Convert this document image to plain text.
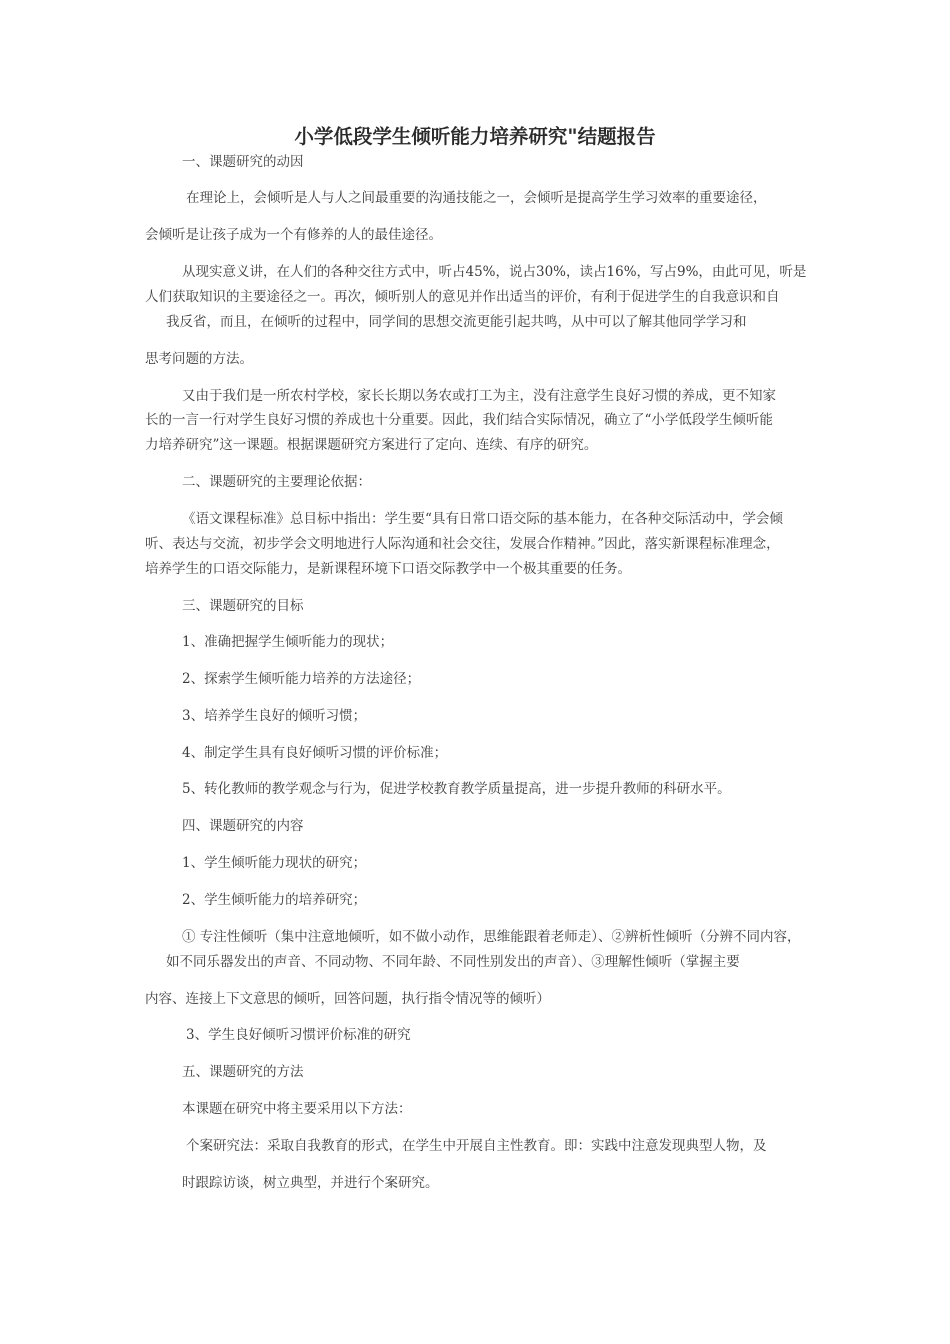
小学低段学生倾听能力培养研究"结题报告
一、课题研究的动因
在理论上，会倾听是人与人之间最重要的沟通技能之一，会倾听是提高学生学习效率的重要途径，
会倾听是让孩子成为一个有修养的人的最佳途径。
从现实意义讲，在人们的各种交往方式中，听占45%，说占30%，读占16%，写占9%，由此可见，听是
人们获取知识的主要途径之一。再次，倾听别人的意见并作出适当的评价，有利于促进学生的自我意识和自
我反省，而且，在倾听的过程中，同学间的思想交流更能引起共鸣，从中可以了解其他同学学习和
思考问题的方法。
又由于我们是一所农村学校，家长长期以务农或打工为主，没有注意学生良好习惯的养成，更不知家
长的一言一行对学生良好习惯的养成也十分重要。因此，我们结合实际情况，确立了“小学低段学生倾听能
力培养研究”这一课题。根据课题研究方案进行了定向、连续、有序的研究。
二、课题研究的主要理论依据：
《语文课程标准》总目标中指出：学生要“具有日常口语交际的基本能力，在各种交际活动中，学会倾
听、表达与交流，初步学会文明地进行人际沟通和社会交往，发展合作精神。”因此，落实新课程标准理念，
培养学生的口语交际能力，是新课程环境下口语交际教学中一个极其重要的任务。
三、课题研究的目标
1、准确把握学生倾听能力的现状；
2、探索学生倾听能力培养的方法途径；
3、培养学生良好的倾听习惯；
4、制定学生具有良好倾听习惯的评价标准；
5、转化教师的教学观念与行为，促进学校教育教学质量提高，进一步提升教师的科研水平。
四、课题研究的内容
1、学生倾听能力现状的研究；
2、学生倾听能力的培养研究；
① 专注性倾听（集中注意地倾听，如不做小动作，思维能跟着老师走）、②辨析性倾听（分辨不同内容，
如不同乐器发出的声音、不同动物、不同年龄、不同性别发出的声音）、③理解性倾听（掌握主要
内容、连接上下文意思的倾听，回答问题，执行指令情况等的倾听）
3、学生良好倾听习惯评价标准的研究
五、课题研究的方法
本课题在研究中将主要采用以下方法：
个案研究法：采取自我教育的形式，在学生中开展自主性教育。即：实践中注意发现典型人物，及
时跟踪访谈，树立典型，并进行个案研究。
